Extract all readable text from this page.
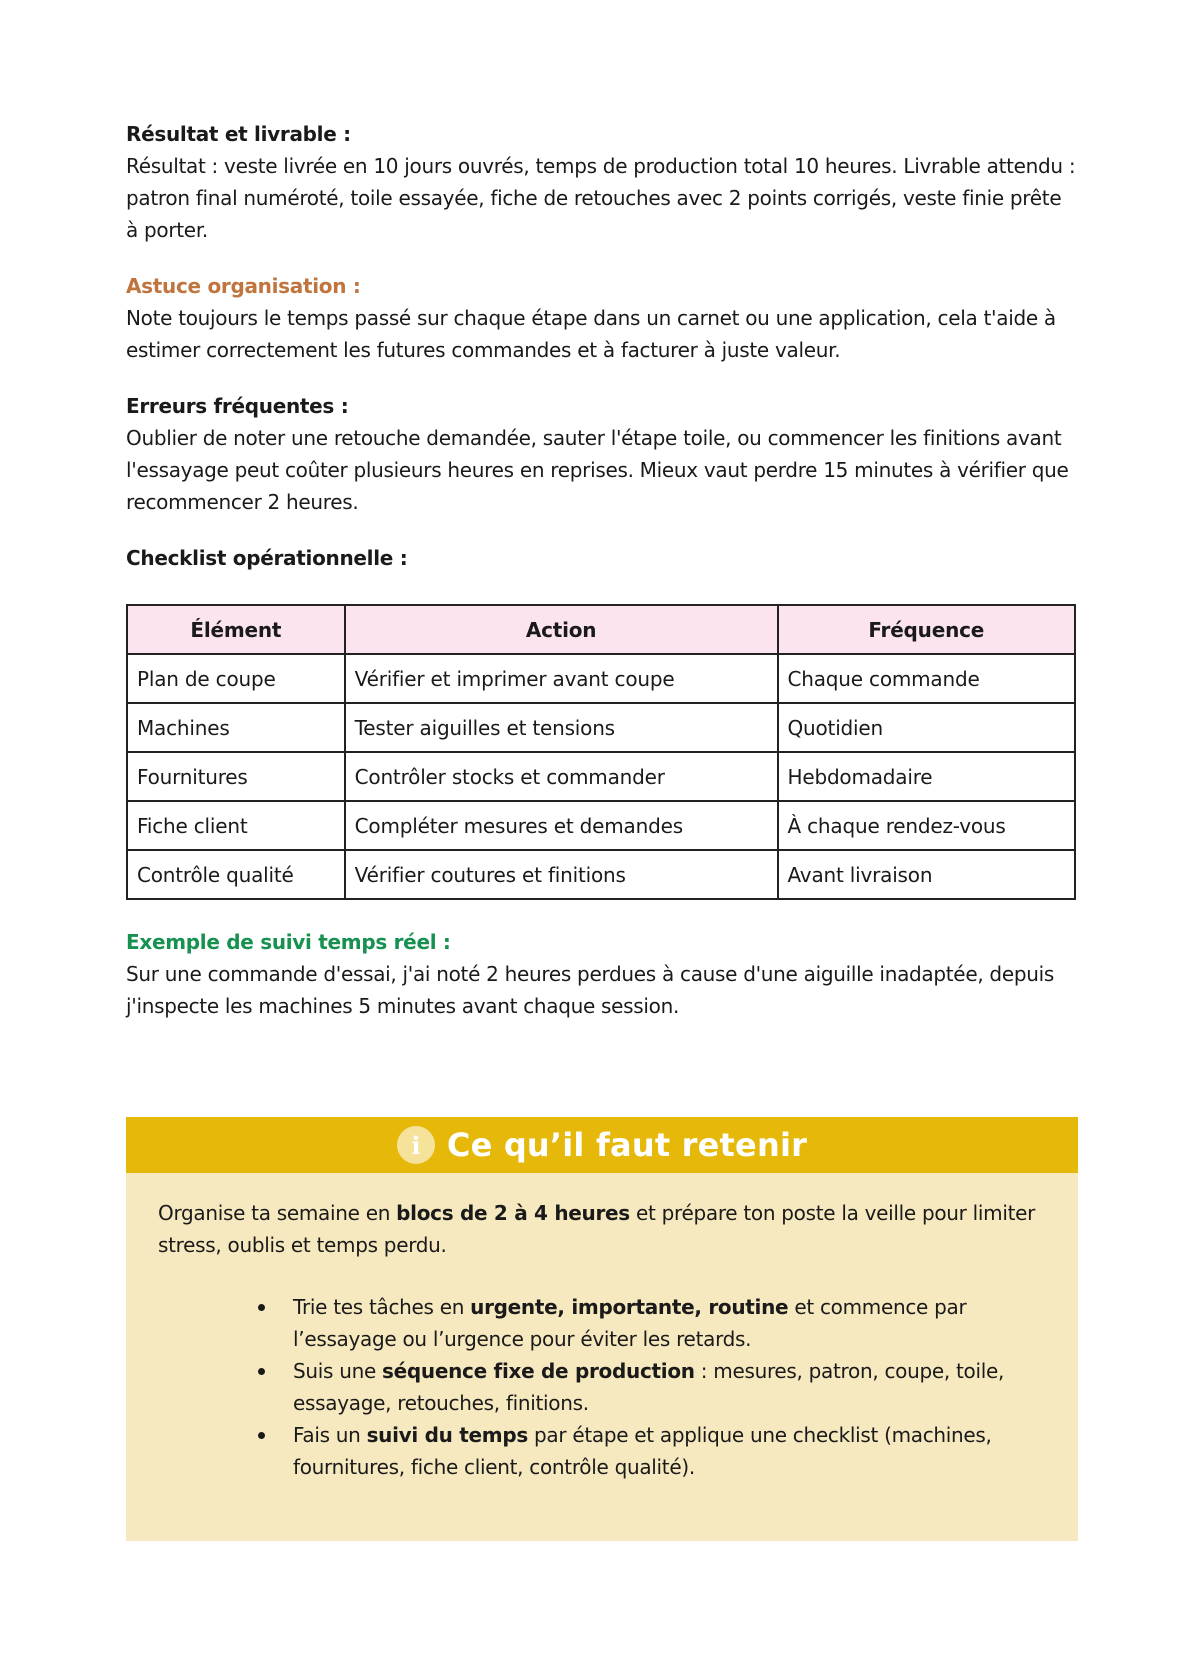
Résultat et livrable :

Résultat : veste livrée en 10 jours ouvrés, temps de production total 10 heures. Livrable attendu : patron final numéroté, toile essayée, fiche de retouches avec 2 points corrigés, veste finie prête à porter.

Astuce organisation :

Note toujours le temps passé sur chaque étape dans un carnet ou une application, cela t'aide à estimer correctement les futures commandes et à facturer à juste valeur.

Erreurs fréquentes :

Oublier de noter une retouche demandée, sauter l'étape toile, ou commencer les finitions avant l'essayage peut coûter plusieurs heures en reprises. Mieux vaut perdre 15 minutes à vérifier que recommencer 2 heures.

Checklist opérationnelle :

Élément	Action	Fréquence
Plan de coupe	Vérifier et imprimer avant coupe	Chaque commande
Machines	Tester aiguilles et tensions	Quotidien
Fournitures	Contrôler stocks et commander	Hebdomadaire
Fiche client	Compléter mesures et demandes	À chaque rendez-vous
Contrôle qualité	Vérifier coutures et finitions	Avant livraison

Exemple de suivi temps réel :

Sur une commande d'essai, j'ai noté 2 heures perdues à cause d'une aiguille inadaptée, depuis j'inspecte les machines 5 minutes avant chaque session.

i Ce qu’il faut retenir

Organise ta semaine en blocs de 2 à 4 heures et prépare ton poste la veille pour limiter stress, oublis et temps perdu.

Trie tes tâches en urgente, importante, routine et commence par l’essayage ou l’urgence pour éviter les retards.
Suis une séquence fixe de production : mesures, patron, coupe, toile, essayage, retouches, finitions.
Fais un suivi du temps par étape et applique une checklist (machines, fournitures, fiche client, contrôle qualité).
